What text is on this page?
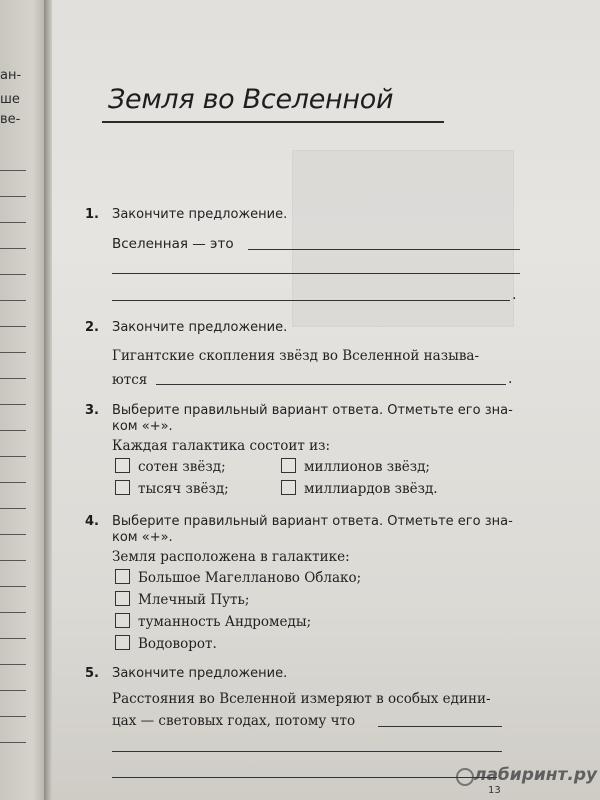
ан-
ше
ве-
Земля во Вселенной
1. Закончите предложение.
Вселенная — это
.
2. Закончите предложение.
Гигантские скопления звёзд во Вселенной называ-
ются	.
3. Выберите правильный вариант ответа. Отметьте его зна-
ком «+».
Каждая галактика состоит из:
сотен звёзд;	миллионов звёзд;
тысяч звёзд;	миллиардов звёзд.
4. Выберите правильный вариант ответа. Отметьте его зна-
ком «+».
Земля расположена в галактике:
Большое Магелланово Облако;
Млечный Путь;
туманность Андромеды;
Водоворот.
5. Закончите предложение.
Расстояния во Вселенной измеряют в особых едини-
цах — световых годах, потому что
лабиринт.ру
13
